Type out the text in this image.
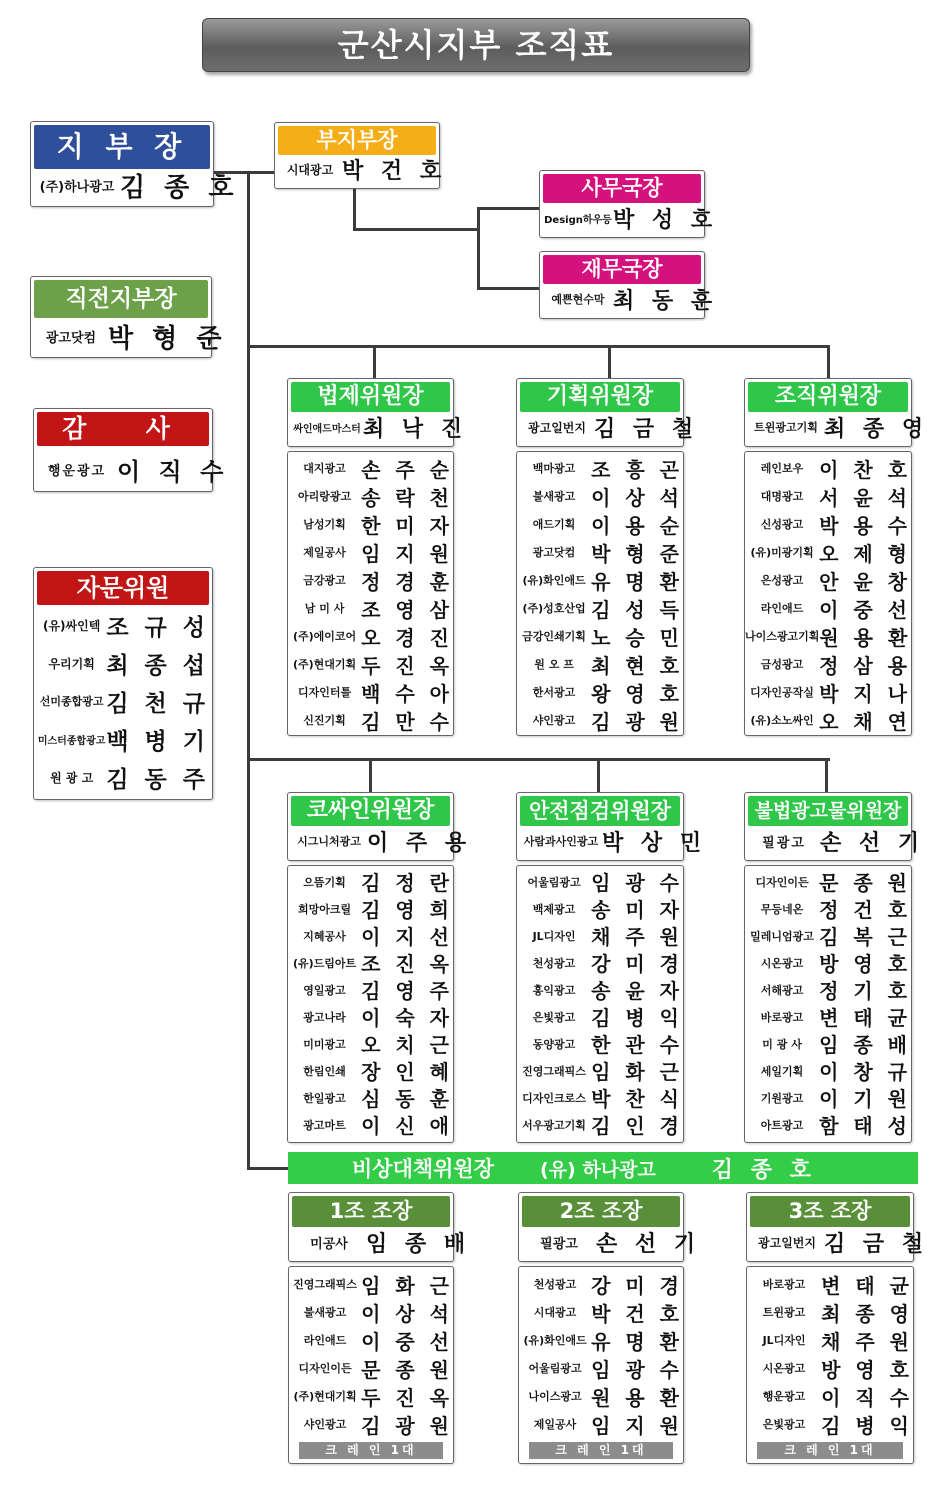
군산시지부 조직표
지 부 장
(주)하나광고 김 종 호
부지부장
시대광고 박 건 호
사무국장
Design하우등 박 성 호
재무국장
예쁜현수막 최 동 훈
직전지부장
광고닷컴 박 형 준
감  사
행운광고 이 직 수
자문위원
(유)싸인텍 조 규 성
우리기획 최 종 섭
선미종합광고 김 천 규
미스터종합광고 백 병 기
원 광 고 김 동 주
법제위원장
싸인애드마스터 최 낙 진
대지광고 손 주 순
아리랑광고 송 락 천
남성기획 한 미 자
제일공사 임 지 원
금강광고 정 경 훈
남 미 사 조 영 삼
(주)에이코어 오 경 진
(주)현대기획 두 진 옥
디자인터틀 백 수 아
신진기획 김 만 수
기획위원장
광고일번지 김 금 철
백마광고 조 흥 곤
불새광고 이 상 석
애드기획 이 용 순
광고닷컴 박 형 준
(유)화인애드 유 명 환
(주)성호산업 김 성 득
금강인쇄기획 노 승 민
원 오 프 최 현 호
한서광고 왕 영 호
샤인광고 김 광 원
조직위원장
트윈광고기획 최 종 영
레인보우 이 찬 호
대명광고 서 윤 석
신성광고 박 용 수
(유)미광기획 오 제 형
은성광고 안 윤 창
라인애드 이 중 선
나이스광고기획 원 용 환
금성광고 정 삼 용
디자인공작실 박 지 나
(유)소노싸인 오 채 연
코싸인위원장
시그니처광고 이 주 용
으뜸기획 김 정 란
희망아크릴 김 영 희
지혜공사 이 지 선
(유)드림아트 조 진 옥
영일광고 김 영 주
광고나라 이 숙 자
미미광고 오 치 근
한림인쇄 장 인 혜
한일광고 심 동 훈
광고마트 이 신 애
안전점검위원장
사람과사인광고 박 상 민
어울림광고 임 광 수
백제광고 송 미 자
JL디자인 채 주 원
천성광고 강 미 경
홍익광고 송 윤 자
은빛광고 김 병 익
동양광고 한 관 수
진영그래픽스 임 화 근
디자인크로스 박 찬 식
서우광고기획 김 인 경
불법광고물위원장
필광고 손 선 기
디자인이든 문 종 원
무등네온 정 건 호
밀레니엄광고 김 복 근
시온광고 방 영 호
서해광고 정 기 호
바로광고 변 태 균
미 광 사 임 종 배
세일기획 이 창 규
기원광고 이 기 원
아트광고 함 태 성
비상대책위원장 (유) 하나광고	김 종 호
1조 조장
미공사 임 종 배
진영그래픽스 임 화 근
불새광고 이 상 석
라인애드 이 중 선
디자인이든 문 종 원
(주)현대기획 두 진 옥
샤인광고 김 광 원
크 레 인 1대
2조 조장
필광고 손 선 기
천성광고 강 미 경
시대광고 박 건 호
(유)화인애드 유 명 환
어울림광고 임 광 수
나이스광고 원 용 환
제일공사 임 지 원
크 레 인 1대
3조 조장
광고일번지 김 금 철
바로광고 변 태 균
트윈광고 최 종 영
JL디자인 채 주 원
시온광고 방 영 호
행운광고 이 직 수
은빛광고 김 병 익
크 레 인 1대
